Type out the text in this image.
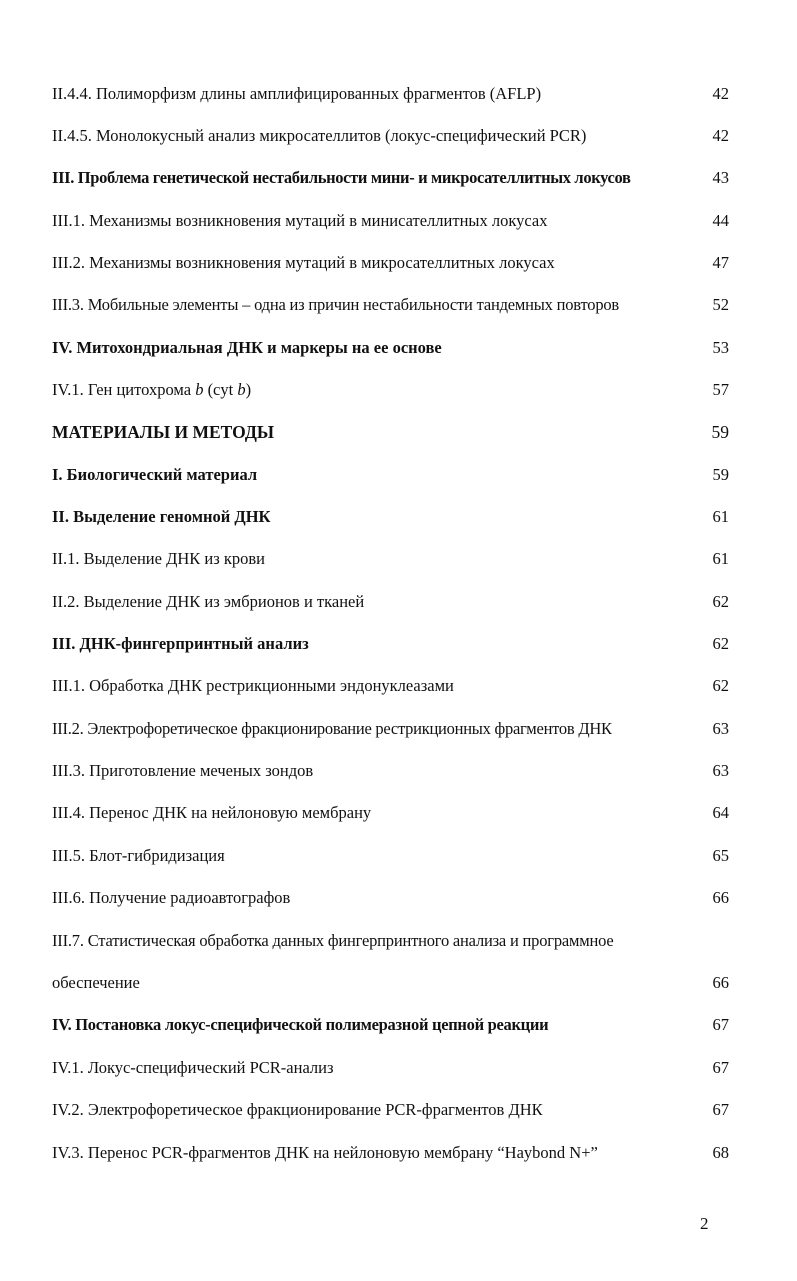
II.4.4. Полиморфизм длины амплифицированных фрагментов (AFLP)	42
II.4.5. Монолокусный анализ микросателлитов (локус-специфический PCR)	42
III. Проблема генетической нестабильности мини- и микросателлитных локусов	43
III.1. Механизмы возникновения мутаций в минисателлитных локусах	44
III.2. Механизмы возникновения мутаций в микросателлитных локусах	47
III.3. Мобильные элементы – одна из причин нестабильности тандемных повторов	52
IV. Митохондриальная ДНК и маркеры на ее основе	53
IV.1. Ген цитохрома b (cyt b)	57
МАТЕРИАЛЫ И МЕТОДЫ	59
I. Биологический материал	59
II. Выделение геномной ДНК	61
II.1. Выделение ДНК из крови	61
II.2. Выделение ДНК из эмбрионов и тканей	62
III. ДНК-фингерпринтный анализ	62
III.1. Обработка ДНК рестрикционными эндонуклеазами	62
III.2. Электрофоретическое фракционирование рестрикционных фрагментов ДНК	63
III.3. Приготовление меченых зондов	63
III.4. Перенос ДНК на нейлоновую мембрану	64
III.5. Блот-гибридизация	65
III.6. Получение радиоавтографов	66
III.7. Статистическая обработка данных фингерпринтного анализа и программное
обеспечение	66
IV. Постановка локус-специфической полимеразной цепной реакции	67
IV.1. Локус-специфический PCR-анализ	67
IV.2. Электрофоретическое фракционирование PCR-фрагментов ДНК	67
IV.3. Перенос PCR-фрагментов ДНК на нейлоновую мембрану “Haybond N+”	68
2
